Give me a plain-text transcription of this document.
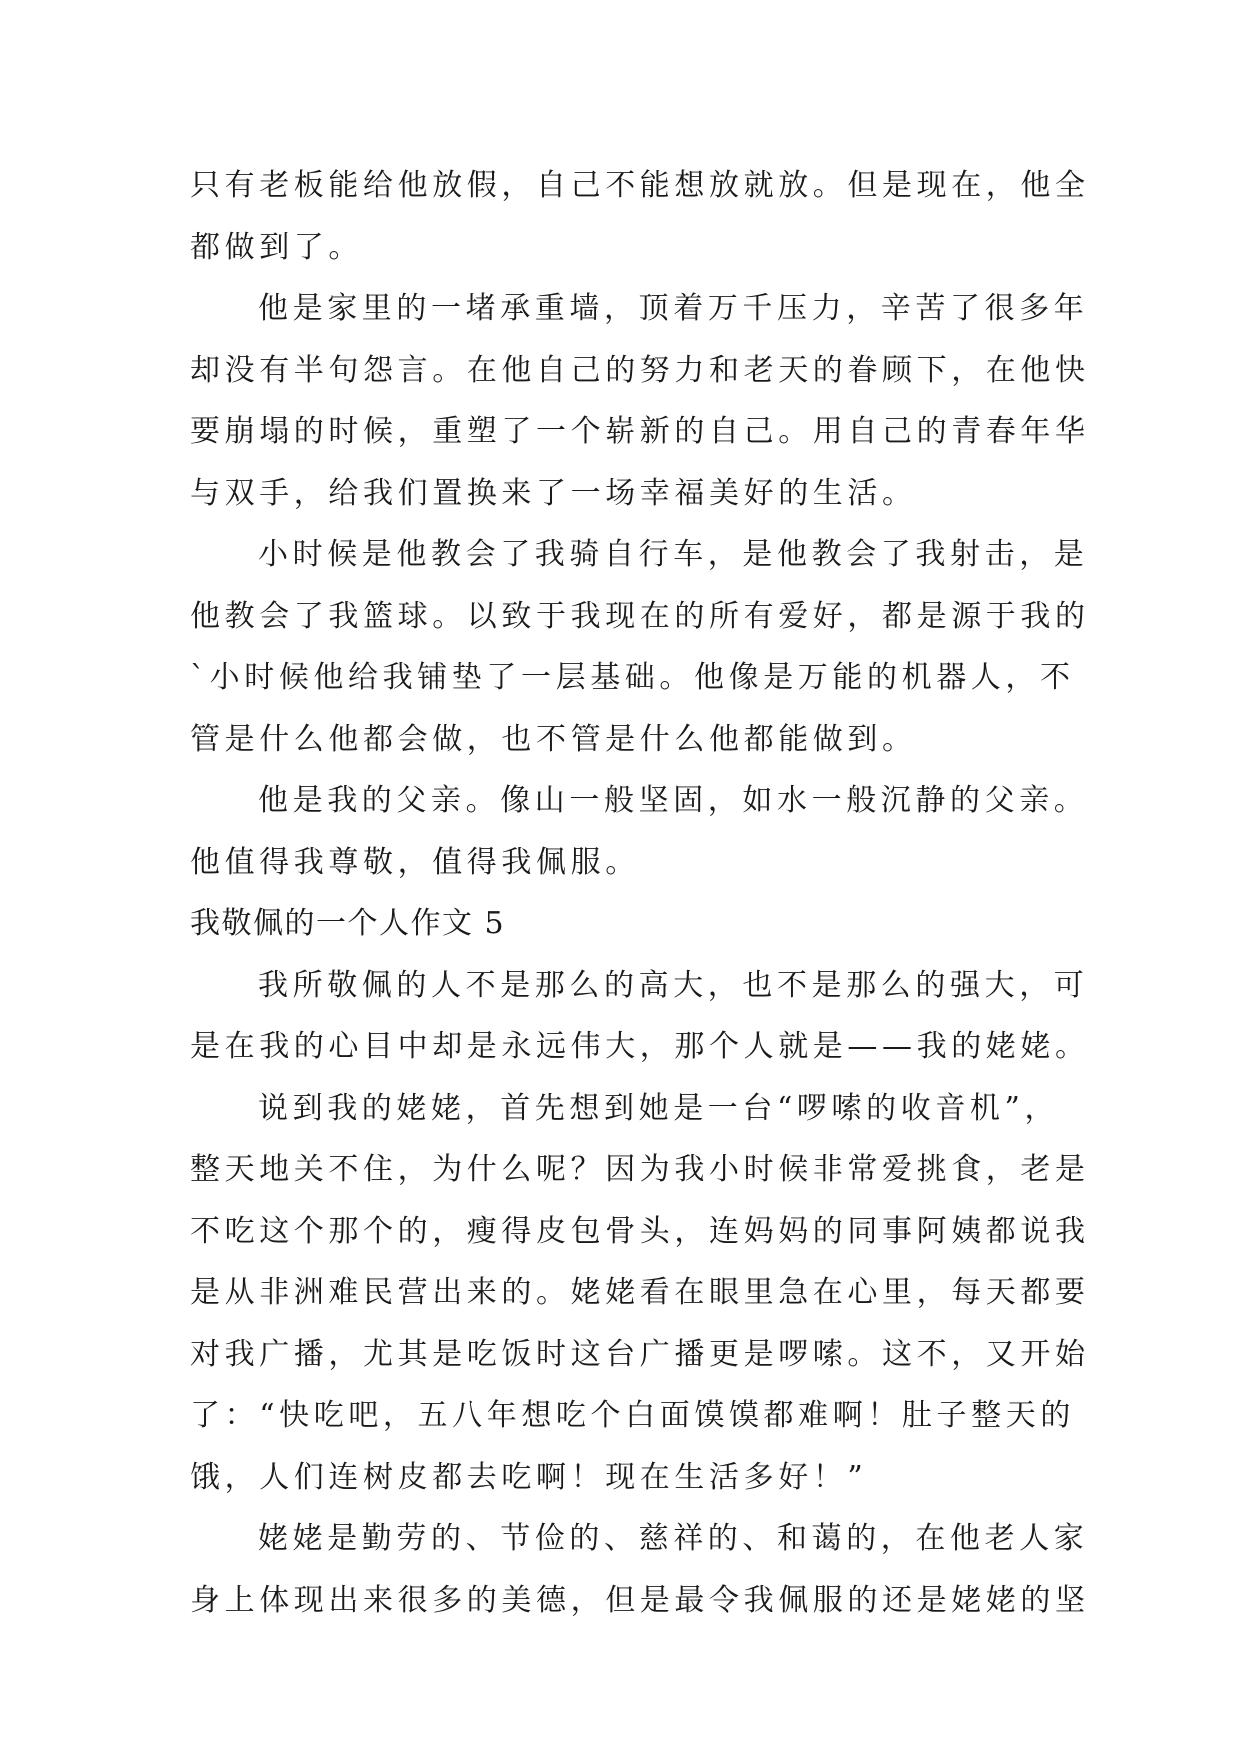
只有老板能给他放假，自己不能想放就放。但是现在，他全
都做到了。
他是家里的一堵承重墙，顶着万千压力，辛苦了很多年
却没有半句怨言。在他自己的努力和老天的眷顾下，在他快
要崩塌的时候，重塑了一个崭新的自己。用自己的青春年华
与双手，给我们置换来了一场幸福美好的生活。
小时候是他教会了我骑自行车，是他教会了我射击，是
他教会了我篮球。以致于我现在的所有爱好，都是源于我的
`小时候他给我铺垫了一层基础。他像是万能的机器人，不
管是什么他都会做，也不管是什么他都能做到。
他是我的父亲。像山一般坚固，如水一般沉静的父亲。
他值得我尊敬，值得我佩服。
我敬佩的一个人作文 5
我所敬佩的人不是那么的高大，也不是那么的强大，可
是在我的心目中却是永远伟大，那个人就是——我的姥姥。
说到我的姥姥，首先想到她是一台“啰嗦的收音机”，
整天地关不住，为什么呢？因为我小时候非常爱挑食，老是
不吃这个那个的，瘦得皮包骨头，连妈妈的同事阿姨都说我
是从非洲难民营出来的。姥姥看在眼里急在心里，每天都要
对我广播，尤其是吃饭时这台广播更是啰嗦。这不，又开始
了：“快吃吧，五八年想吃个白面馍馍都难啊！肚子整天的
饿，人们连树皮都去吃啊！现在生活多好！”
姥姥是勤劳的、节俭的、慈祥的、和蔼的，在他老人家
身上体现出来很多的美德，但是最令我佩服的还是姥姥的坚
